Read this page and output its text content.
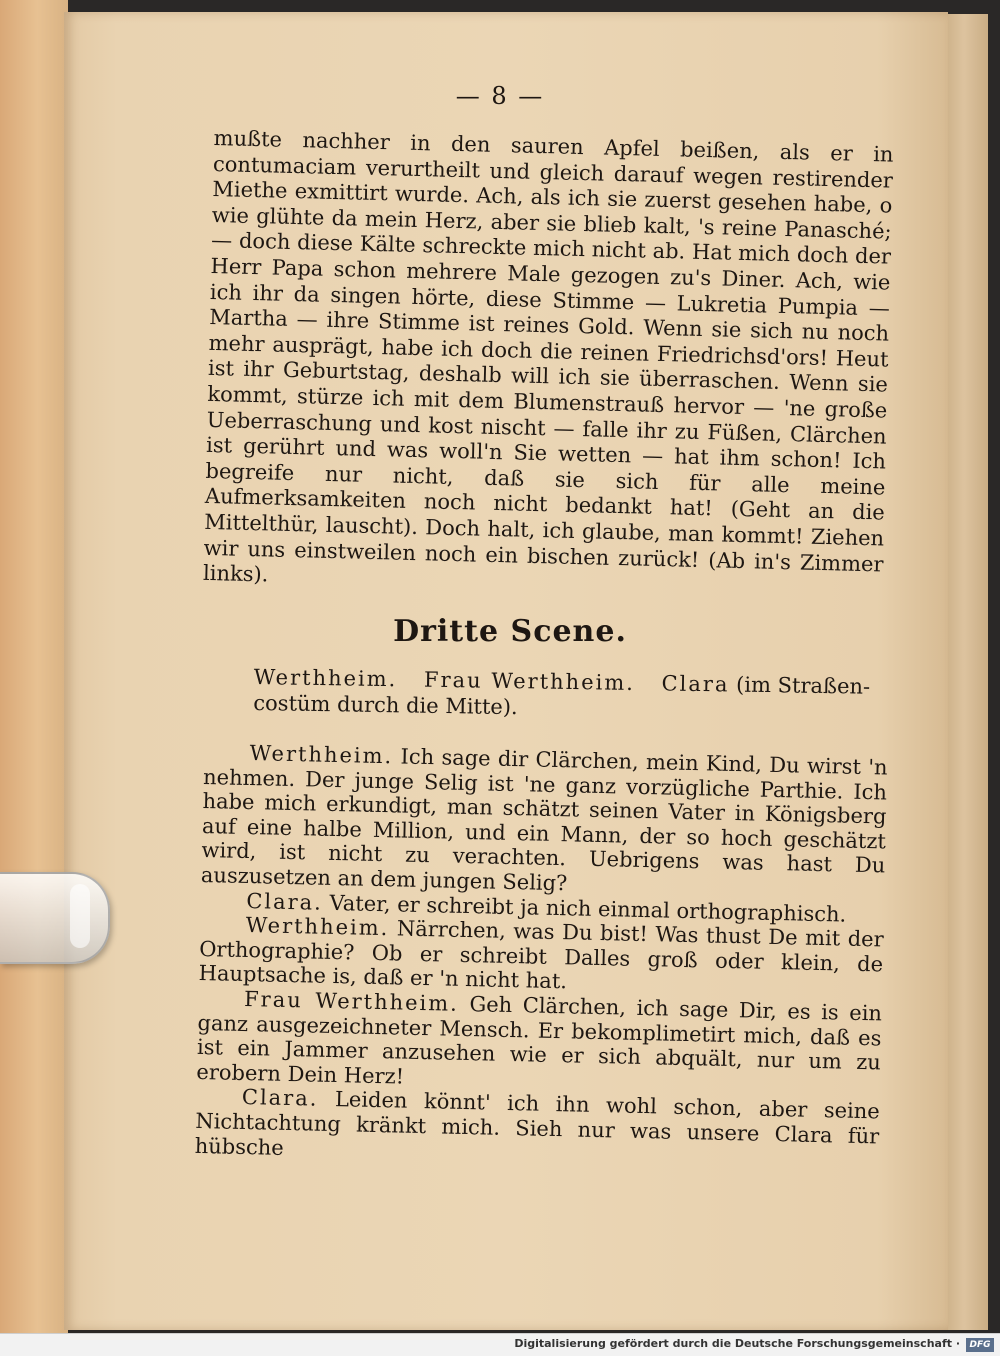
— 8 —

mußte nachher in den sauren Apfel beißen, als er in contumaciam verurtheilt und gleich darauf wegen restirender Miethe exmittirt wurde. Ach, als ich sie zuerst gesehen habe, o wie glühte da mein Herz, aber sie blieb kalt, 's reine Panasché; — doch diese Kälte schreckte mich nicht ab. Hat mich doch der Herr Papa schon mehrere Male gezogen zu's Diner. Ach, wie ich ihr da singen hörte, diese Stimme — Lukretia Pumpia — Martha — ihre Stimme ist reines Gold. Wenn sie sich nu noch mehr ausprägt, habe ich doch die reinen Friedrichsd'ors! Heut ist ihr Geburtstag, deshalb will ich sie überraschen. Wenn sie kommt, stürze ich mit dem Blumenstrauß hervor — 'ne große Ueberraschung und kost nischt — falle ihr zu Füßen, Clärchen ist gerührt und was woll'n Sie wetten — hat ihm schon! Ich begreife nur nicht, daß sie sich für alle meine Aufmerksamkeiten noch nicht bedankt hat! (Geht an die Mittelthür, lauscht). Doch halt, ich glaube, man kommt! Ziehen wir uns einstweilen noch ein bischen zurück! (Ab in's Zimmer links).

Dritte Scene.
Werthheim. Frau Werthheim. Clara (im Straßen-costüm durch die Mitte).

Werthheim. Ich sage dir Clärchen, mein Kind, Du wirst 'n nehmen. Der junge Selig ist 'ne ganz vorzügliche Parthie. Ich habe mich erkundigt, man schätzt seinen Vater in Königsberg auf eine halbe Million, und ein Mann, der so hoch geschätzt wird, ist nicht zu verachten. Uebrigens was hast Du auszusetzen an dem jungen Selig?

Clara. Vater, er schreibt ja nich einmal orthographisch.

Werthheim. Närrchen, was Du bist! Was thust De mit der Orthographie? Ob er schreibt Dalles groß oder klein, de Hauptsache is, daß er 'n nicht hat.

Frau Werthheim. Geh Clärchen, ich sage Dir, es is ein ganz ausgezeichneter Mensch. Er bekomplimetirt mich, daß es ist ein Jammer anzusehen wie er sich abquält, nur um zu erobern Dein Herz!

Clara. Leiden könnt' ich ihn wohl schon, aber seine Nichtachtung kränkt mich. Sieh nur was unsere Clara für hübsche

Digitalisierung gefördert durch die Deutsche Forschungsgemeinschaft ·	DFG
